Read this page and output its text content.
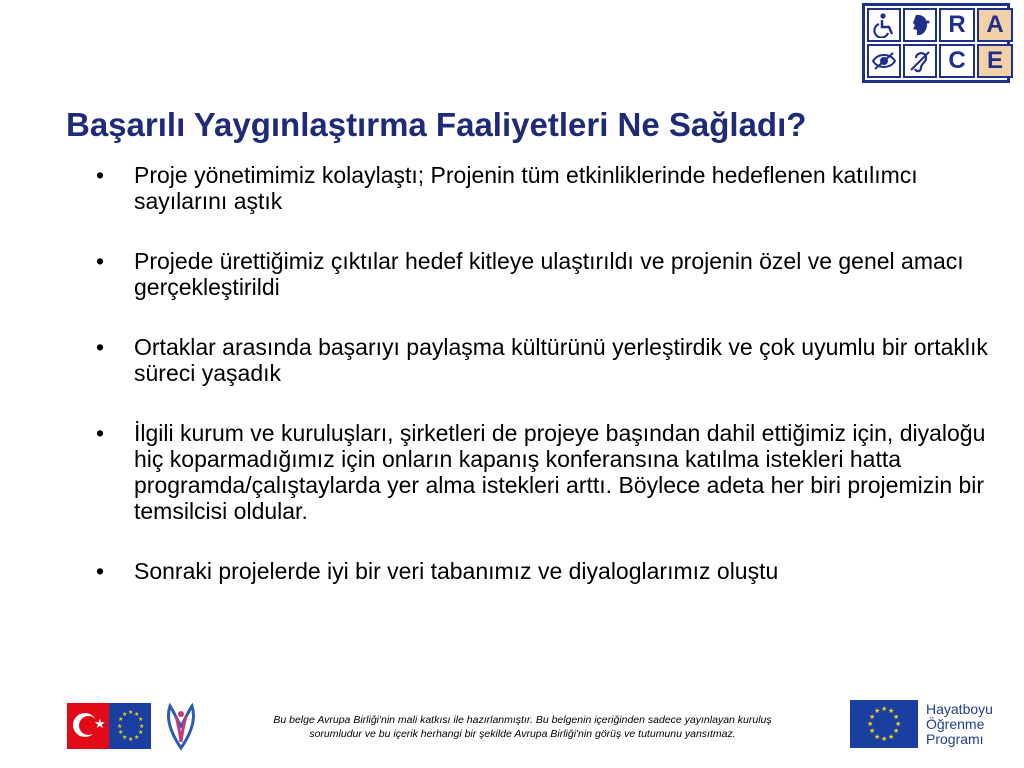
R A
C E
Başarılı Yaygınlaştırma Faaliyetleri Ne Sağladı?
• Proje yönetimimiz kolaylaştı; Projenin tüm etkinliklerinde hedeflenen katılımcı sayılarını aştık
• Projede ürettiğimiz çıktılar hedef kitleye ulaştırıldı ve projenin özel ve genel amacı gerçekleştirildi
• Ortaklar arasında başarıyı paylaşma kültürünü yerleştirdik ve çok uyumlu bir ortaklık süreci yaşadık
• İlgili kurum ve kuruluşları, şirketleri de projeye başından dahil ettiğimiz için, diyaloğu hiç koparmadığımız için onların kapanış konferansına katılma istekleri hatta programda/çalıştaylarda yer alma istekleri arttı. Böylece adeta her biri projemizin bir temsilcisi oldular.
• Sonraki projelerde iyi bir veri tabanımız ve diyaloglarımız oluştu
★
★ ★
★
★
★
★
★
★
★
★
★
★	Bu belge Avrupa Birliği'nin mali katkısı ile hazırlanmıştır. Bu belgenin içeriğinden sadece yayınlayan kuruluş
sorumludur ve bu içerik herhangi bir şekilde Avrupa Birliği'nin görüş ve tutumunu yansıtmaz.

★ ★
★
★
★
★
★
★
★
★
★
★	Hayatboyu
Öğrenme
Programı
